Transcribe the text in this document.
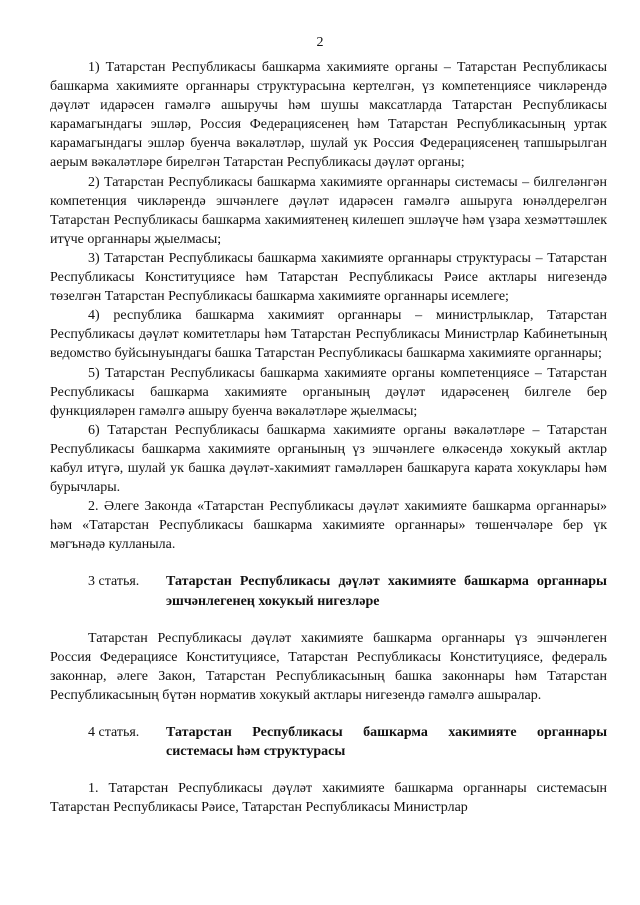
2

1) Татарстан Республикасы башкарма хакимияте органы – Татарстан Республикасы башкарма хакимияте органнары структурасына кертелгән, үз компетенциясе чикләрендә дәүләт идарәсен гамәлгә ашыручы һәм шушы максатларда Татарстан Республикасы карамагындагы эшләр, Россия Федерациясенең һәм Татарстан Республикасының уртак карамагындагы эшләр буенча вәкаләтләр, шулай ук Россия Федерациясенең тапшырылган аерым вәкаләтләре бирелгән Татарстан Республикасы дәүләт органы;

2) Татарстан Республикасы башкарма хакимияте органнары системасы – билгеләнгән компетенция чикләрендә эшчәнлеге дәүләт идарәсен гамәлгә ашыруга юнәлдерелгән Татарстан Республикасы башкарма хакимиятенең килешеп эшләүче һәм үзара хезмәттәшлек итүче органнары җыелмасы;

3) Татарстан Республикасы башкарма хакимияте органнары структурасы – Татарстан Республикасы Конституциясе һәм Татарстан Республикасы Рәисе актлары нигезендә төзелгән Татарстан Республикасы башкарма хакимияте органнары исемлеге;

4) республика башкарма хакимият органнары – министрлыклар, Татарстан Республикасы дәүләт комитетлары һәм Татарстан Республикасы Министрлар Кабинетының ведомство буйсынуындагы башка Татарстан Республикасы башкарма хакимияте органнары;

5) Татарстан Республикасы башкарма хакимияте органы компетенциясе – Татарстан Республикасы башкарма хакимияте органының дәүләт идарәсенең билгеле бер функцияләрен гамәлгә ашыру буенча вәкаләтләре җыелмасы;

6) Татарстан Республикасы башкарма хакимияте органы вәкаләтләре – Татарстан Республикасы башкарма хакимияте органының үз эшчәнлеге өлкәсендә хокукый актлар кабул итүгә, шулай ук башка дәүләт-хакимият гамәлләрен башкаруга карата хокуклары һәм бурычлары.

2. Әлеге Законда «Татарстан Республикасы дәүләт хакимияте башкарма органнары» һәм «Татарстан Республикасы башкарма хакимияте органнары» төшенчәләре бер үк мәгънәдә кулланыла.

3 статья.	Татарстан Республикасы дәүләт хакимияте башкарма органнары эшчәнлегенең хокукый нигезләре

Татарстан Республикасы дәүләт хакимияте башкарма органнары үз эшчәнлеген Россия Федерациясе Конституциясе, Татарстан Республикасы Конституциясе, федераль законнар, әлеге Закон, Татарстан Республикасының башка законнары һәм Татарстан Республикасының бүтән норматив хокукый актлары нигезендә гамәлгә ашыралар.

4 статья.	Татарстан Республикасы башкарма хакимияте органнары системасы һәм структурасы

1. Татарстан Республикасы дәүләт хакимияте башкарма органнары системасын Татарстан Республикасы Рәисе, Татарстан Республикасы Министрлар
